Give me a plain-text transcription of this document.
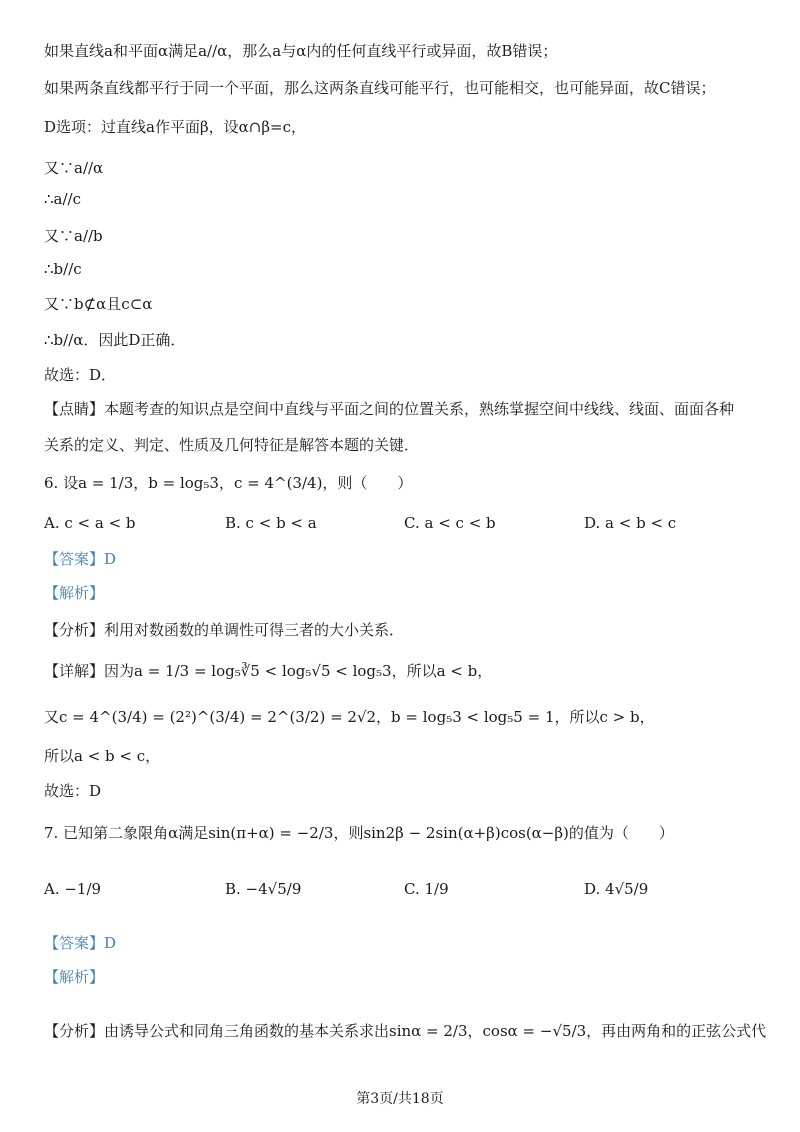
如果直线a和平面α满足a//α，那么a与α内的任何直线平行或异面，故B错误；
如果两条直线都平行于同一个平面，那么这两条直线可能平行，也可能相交，也可能异面，故C错误；
D选项：过直线a作平面β，设α∩β=c，
又∵a//α
∴a//c
又∵a//b
∴b//c
又∵b⊄α且c⊂α
∴b//α．因此D正确．
故选：D．
【点睛】本题考查的知识点是空间中直线与平面之间的位置关系，熟练掌握空间中线线、线面、面面各种
关系的定义、判定、性质及几何特征是解答本题的关键．
6. 设a = 1/3，b = log₅3，c = 4^(3/4)，则（　　）
A. c < a < b	B. c < b < a	C. a < c < b	D. a < b < c
【答案】D
【解析】
【分析】利用对数函数的单调性可得三者的大小关系．
【详解】因为a = 1/3 = log₅∛5 < log₅√5 < log₅3，所以a < b，
又c = 4^(3/4) = (2²)^(3/4) = 2^(3/2) = 2√2，b = log₅3 < log₅5 = 1，所以c > b，
所以a < b < c，
故选：D
7. 已知第二象限角α满足sin(π+α) = −2/3，则sin2β − 2sin(α+β)cos(α−β)的值为（　　）
A. −1/9	B. −4√5/9	C. 1/9	D. 4√5/9
【答案】D
【解析】
【分析】由诱导公式和同角三角函数的基本关系求出sinα = 2/3，cosα = −√5/3，再由两角和的正弦公式代
第3页/共18页
